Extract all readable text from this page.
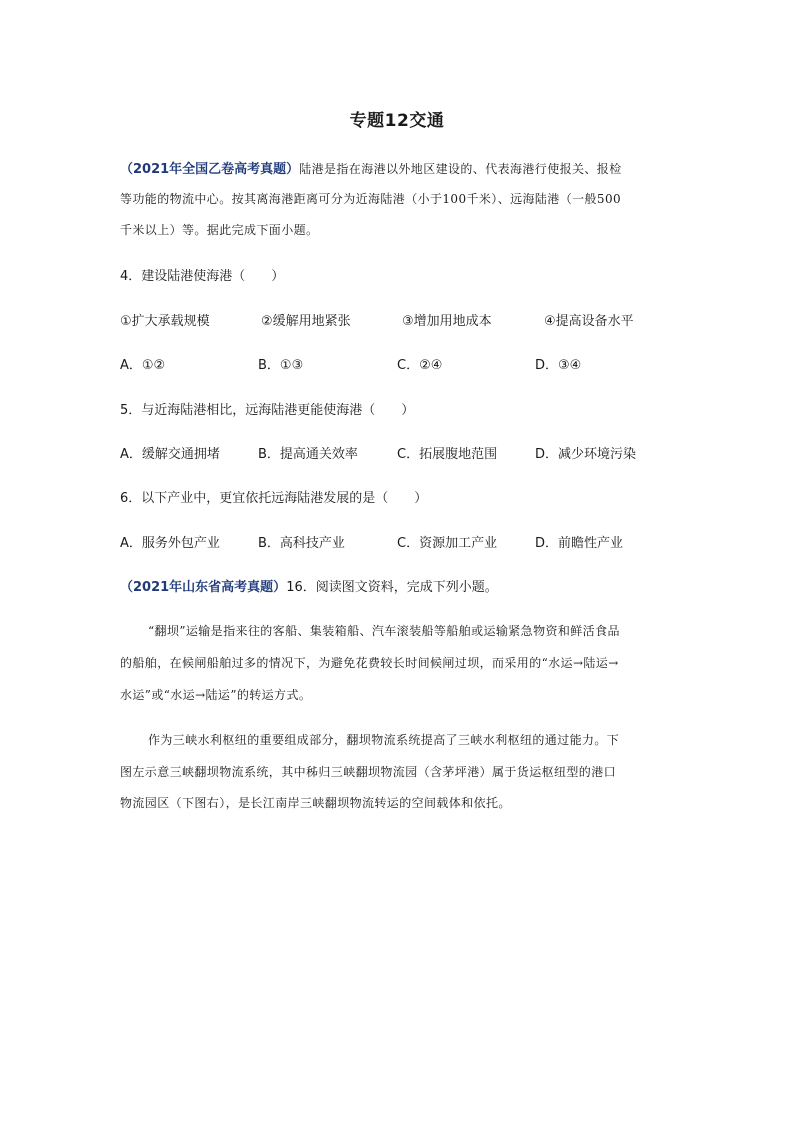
专题12交通
（2021年全国乙卷高考真题）陆港是指在海港以外地区建设的、代表海港行使报关、报检
等功能的物流中心。按其离海港距离可分为近海陆港（小于100千米）、远海陆港（一般500
千米以上）等。据此完成下面小题。
4．建设陆港使海港（　　）
①扩大承载规模	②缓解用地紧张	③增加用地成本	④提高设备水平
A．①②	B．①③	C．②④	D．③④
5．与近海陆港相比，远海陆港更能使海港（　　）
A．缓解交通拥堵	B．提高通关效率	C．拓展腹地范围	D．减少环境污染
6．以下产业中，更宜依托远海陆港发展的是（　　）
A．服务外包产业	B．高科技产业	C．资源加工产业	D．前瞻性产业
（2021年山东省高考真题）16．阅读图文资料，完成下列小题。
“翻坝”运输是指来往的客船、集装箱船、汽车滚装船等船舶或运输紧急物资和鲜活食品
的船舶，在候闸船舶过多的情况下，为避免花费较长时间候闸过坝，而采用的“水运→陆运→
水运”或“水运→陆运”的转运方式。
作为三峡水利枢纽的重要组成部分，翻坝物流系统提高了三峡水利枢纽的通过能力。下
图左示意三峡翻坝物流系统，其中秭归三峡翻坝物流园（含茅坪港）属于货运枢纽型的港口
物流园区（下图右），是长江南岸三峡翻坝物流转运的空间载体和依托。
